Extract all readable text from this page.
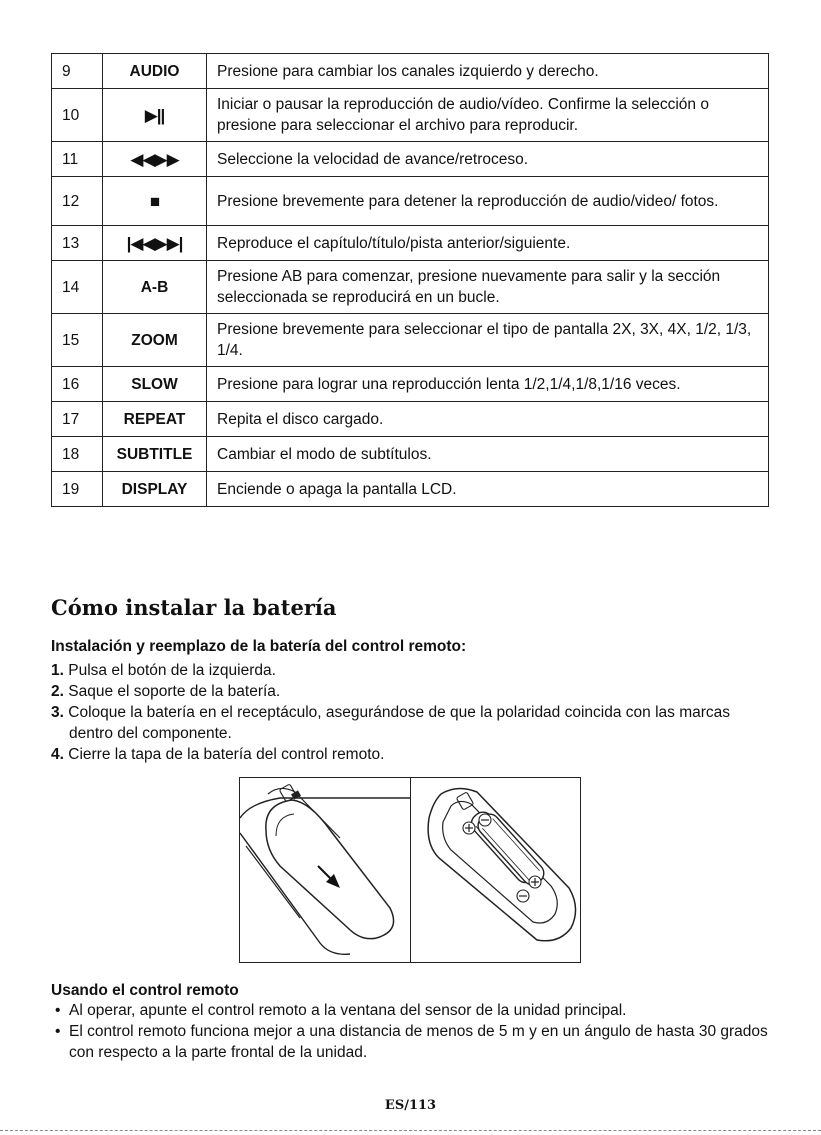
9	AUDIO	Presione para cambiar los canales izquierdo y derecho.
10	▶||	Iniciar o pausar la reproducción de audio/vídeo. Confirme la selección o presione para seleccionar el archivo para reproducir.
11	◀◀▶▶	Seleccione la velocidad de avance/retroceso.
12	■	Presione brevemente para detener la reproducción de audio/video/ fotos.
13	|◀◀▶▶|	Reproduce el capítulo/título/pista anterior/siguiente.
14	A-B	Presione AB para comenzar, presione nuevamente para salir y la sección seleccionada se reproducirá en un bucle.
15	ZOOM	Presione brevemente para seleccionar el tipo de pantalla 2X, 3X, 4X, 1/2, 1/3, 1/4.
16	SLOW	Presione para lograr una reproducción lenta 1/2,1/4,1/8,1/16 veces.
17	REPEAT	Repita el disco cargado.
18	SUBTITLE	Cambiar el modo de subtítulos.
19	DISPLAY	Enciende o apaga la pantalla LCD.
Cómo instalar la batería

Instalación y reemplazo de la batería del control remoto:

1. Pulsa el botón de la izquierda.
2. Saque el soporte de la batería.
3. Coloque la batería en el receptáculo, asegurándose de que la polaridad coincida con las marcas dentro del componente.
4. Cierre la tapa de la batería del control remoto.

Usando el control remoto

• Al operar, apunte el control remoto a la ventana del sensor de la unidad principal.
• El control remoto funciona mejor a una distancia de menos de 5 m y en un ángulo de hasta 30 grados con respecto a la parte frontal de la unidad.
ES/113
